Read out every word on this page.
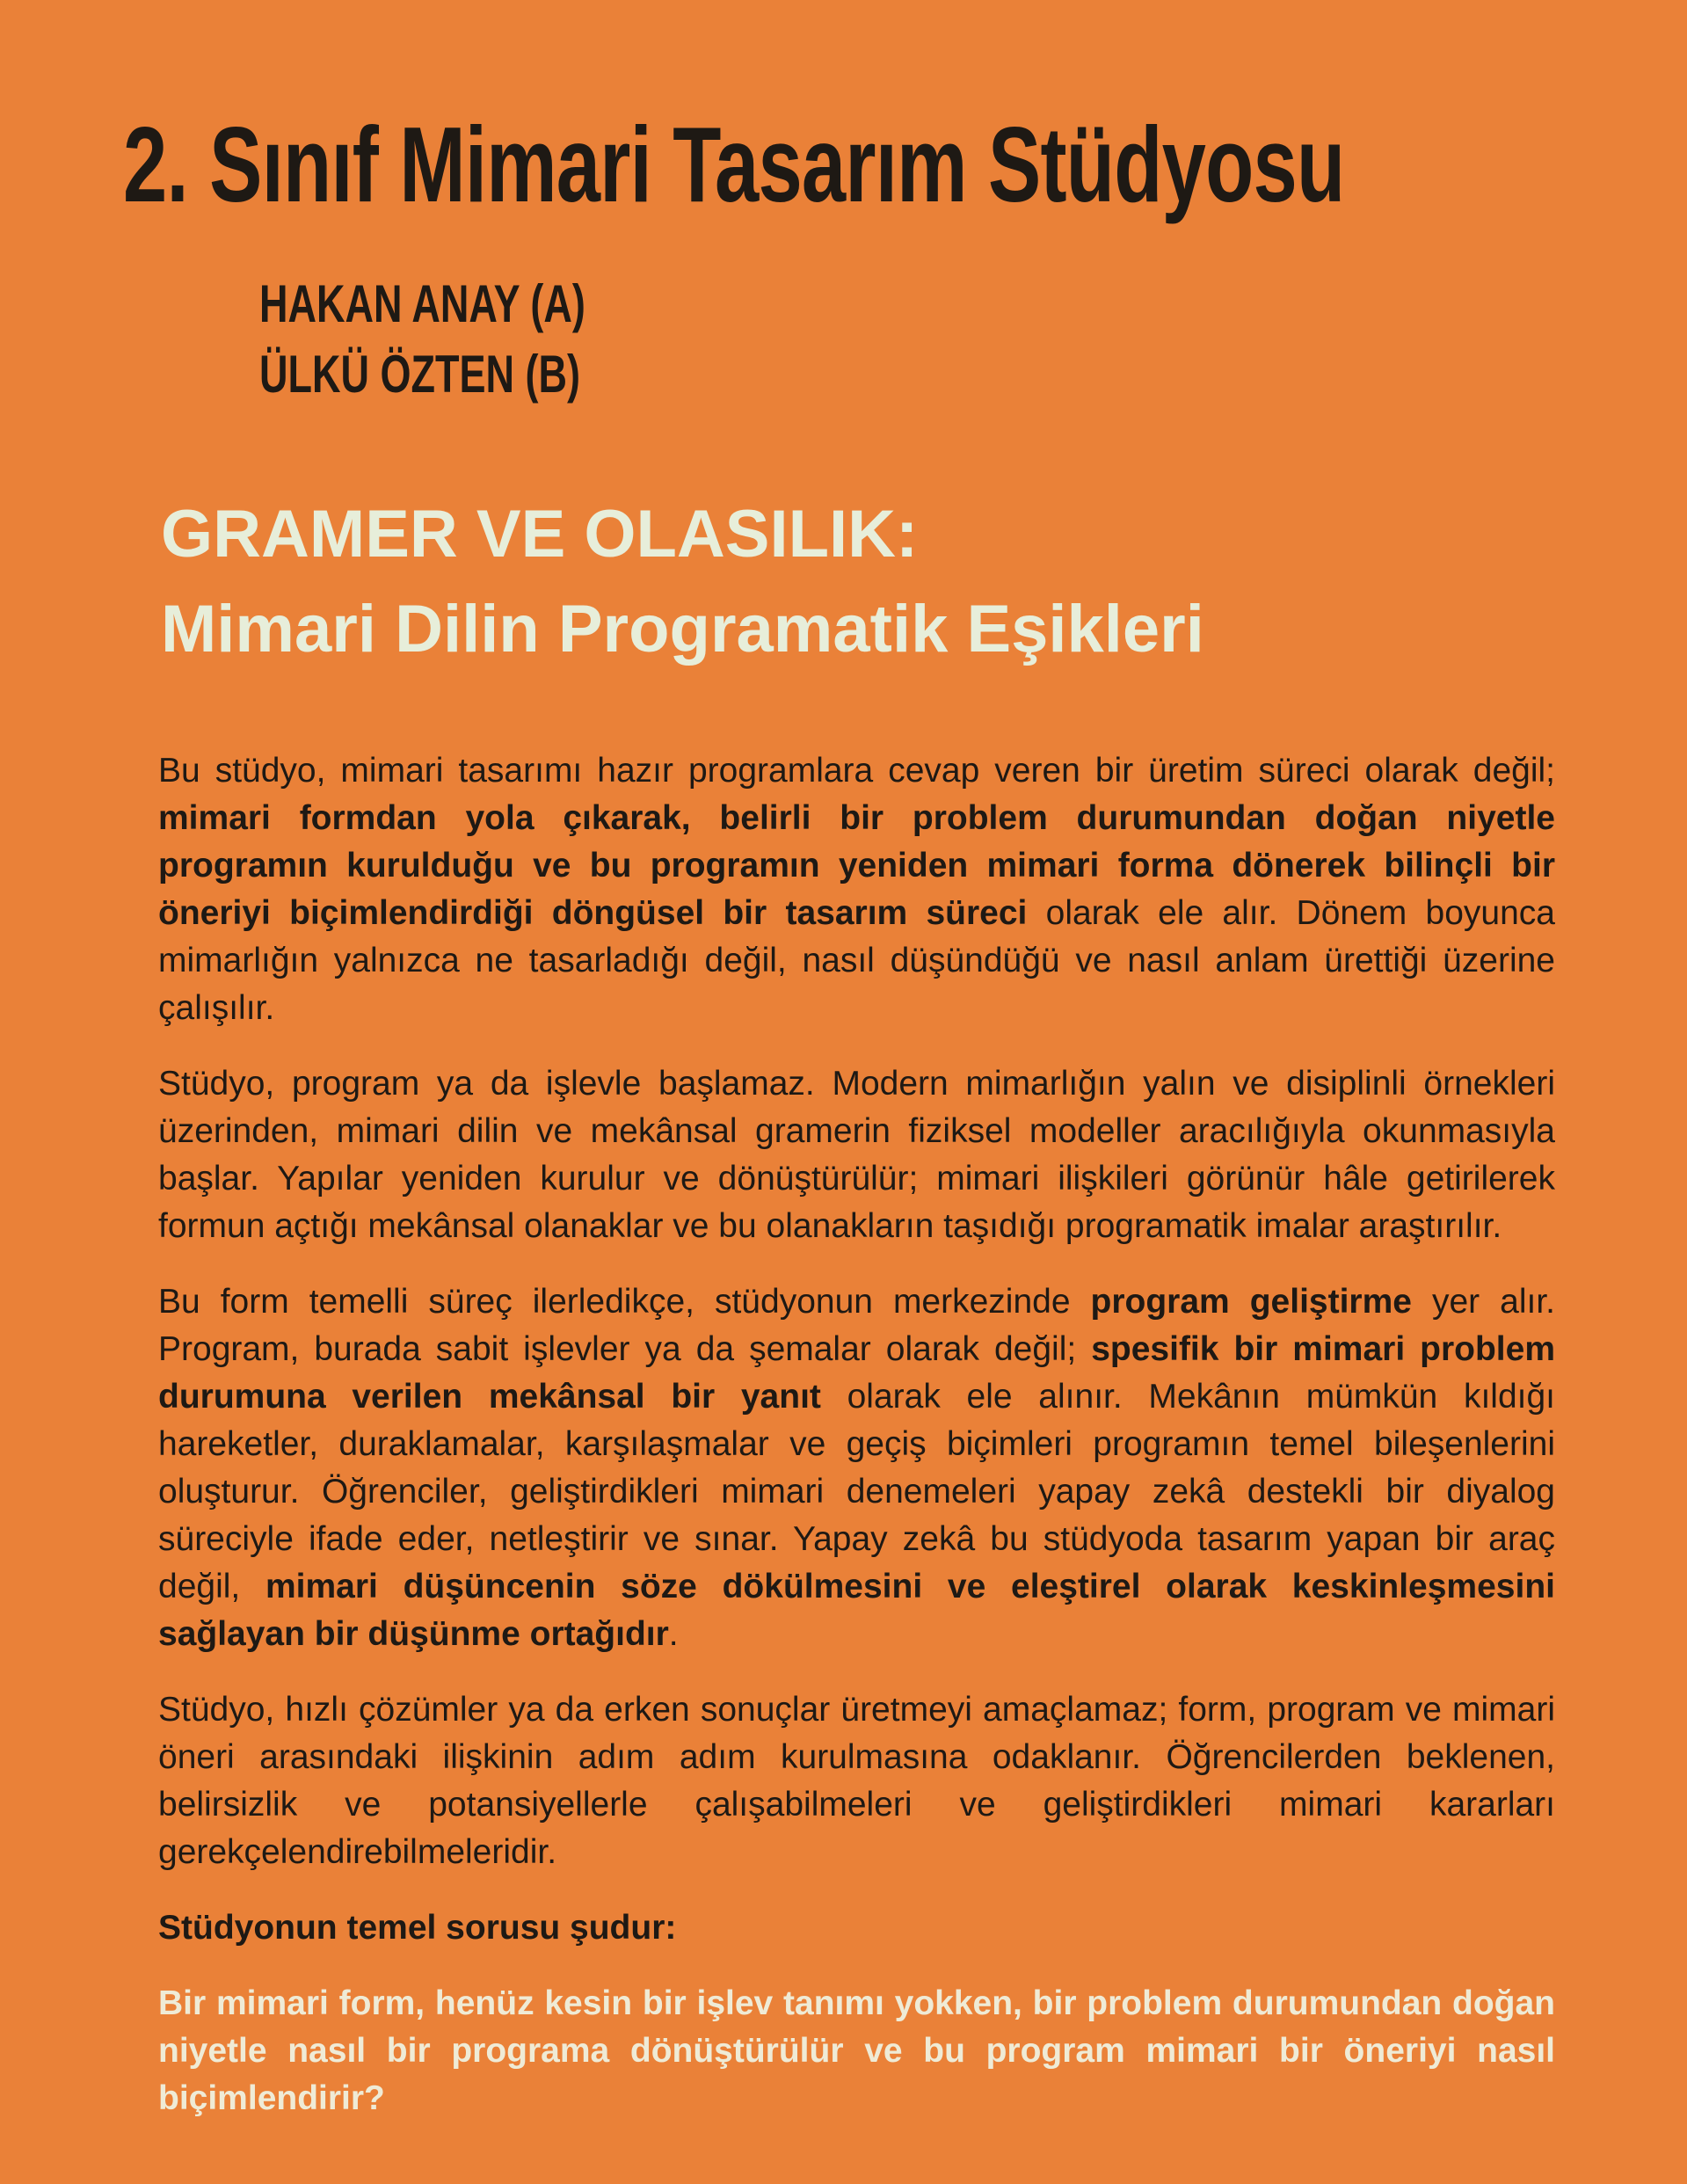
2. Sınıf Mimari Tasarım Stüdyosu
HAKAN ANAY (A)
ÜLKÜ ÖZTEN (B)
GRAMER VE OLASILIK:
Mimari Dilin Programatik Eşikleri

Bu stüdyo, mimari tasarımı hazır programlara cevap veren bir üretim süreci olarak değil; mimari formdan yola çıkarak, belirli bir problem durumundan doğan niyetle programın kurulduğu ve bu programın yeniden mimari forma dönerek bilinçli bir öneriyi biçimlendirdiği döngüsel bir tasarım süreci olarak ele alır. Dönem boyunca mimarlığın yalnızca ne tasarladığı değil, nasıl düşündüğü ve nasıl anlam ürettiği üzerine çalışılır.

Stüdyo, program ya da işlevle başlamaz. Modern mimarlığın yalın ve disiplinli örnekleri üzerinden, mimari dilin ve mekânsal gramerin fiziksel modeller aracılığıyla okunmasıyla başlar. Yapılar yeniden kurulur ve dönüştürülür; mimari ilişkileri görünür hâle getirilerek formun açtığı mekânsal olanaklar ve bu olanakların taşıdığı programatik imalar araştırılır.

Bu form temelli süreç ilerledikçe, stüdyonun merkezinde program geliştirme yer alır. Program, burada sabit işlevler ya da şemalar olarak değil; spesifik bir mimari problem durumuna verilen mekânsal bir yanıt olarak ele alınır. Mekânın mümkün kıldığı hareketler, duraklamalar, karşılaşmalar ve geçiş biçimleri programın temel bileşenlerini oluşturur. Öğrenciler, geliştirdikleri mimari denemeleri yapay zekâ destekli bir diyalog süreciyle ifade eder, netleştirir ve sınar. Yapay zekâ bu stüdyoda tasarım yapan bir araç değil, mimari düşüncenin söze dökülmesini ve eleştirel olarak keskinleşmesini sağlayan bir düşünme ortağıdır.

Stüdyo, hızlı çözümler ya da erken sonuçlar üretmeyi amaçlamaz; form, program ve mimari öneri arasındaki ilişkinin adım adım kurulmasına odaklanır. Öğrencilerden beklenen, belirsizlik ve potansiyellerle çalışabilmeleri ve geliştirdikleri mimari kararları gerekçelendirebilmeleridir.

Stüdyonun temel sorusu şudur:

Bir mimari form, henüz kesin bir işlev tanımı yokken, bir problem durumundan doğan niyetle nasıl bir programa dönüştürülür ve bu program mimari bir öneriyi nasıl biçimlendirir?
